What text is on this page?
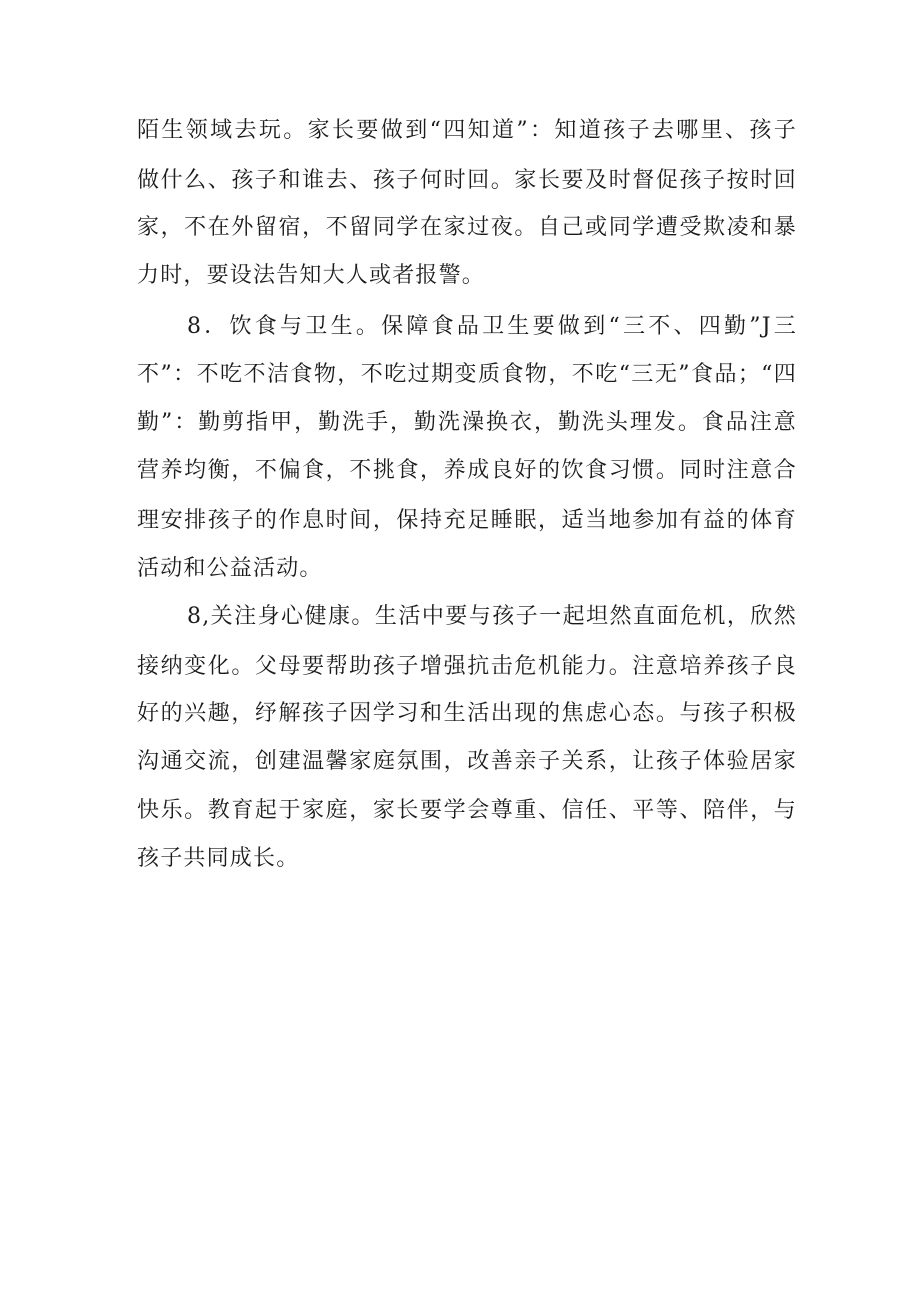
陌生领域去玩。家长要做到“四知道”：知道孩子去哪里、孩子
做什么、孩子和谁去、孩子何时回。家长要及时督促孩子按时回
家，不在外留宿，不留同学在家过夜。自己或同学遭受欺凌和暴
力时，要设法告知大人或者报警。
8．饮食与卫生。保障食品卫生要做到“三不、四勤”J三
不”：不吃不洁食物，不吃过期变质食物，不吃“三无”食品；“四
勤”：勤剪指甲，勤洗手，勤洗澡换衣，勤洗头理发。食品注意
营养均衡，不偏食，不挑食，养成良好的饮食习惯。同时注意合
理安排孩子的作息时间，保持充足睡眠，适当地参加有益的体育
活动和公益活动。
8,关注身心健康。生活中要与孩子一起坦然直面危机，欣然
接纳变化。父母要帮助孩子增强抗击危机能力。注意培养孩子良
好的兴趣，纾解孩子因学习和生活出现的焦虑心态。与孩子积极
沟通交流，创建温馨家庭氛围，改善亲子关系，让孩子体验居家
快乐。教育起于家庭，家长要学会尊重、信任、平等、陪伴，与
孩子共同成长。
